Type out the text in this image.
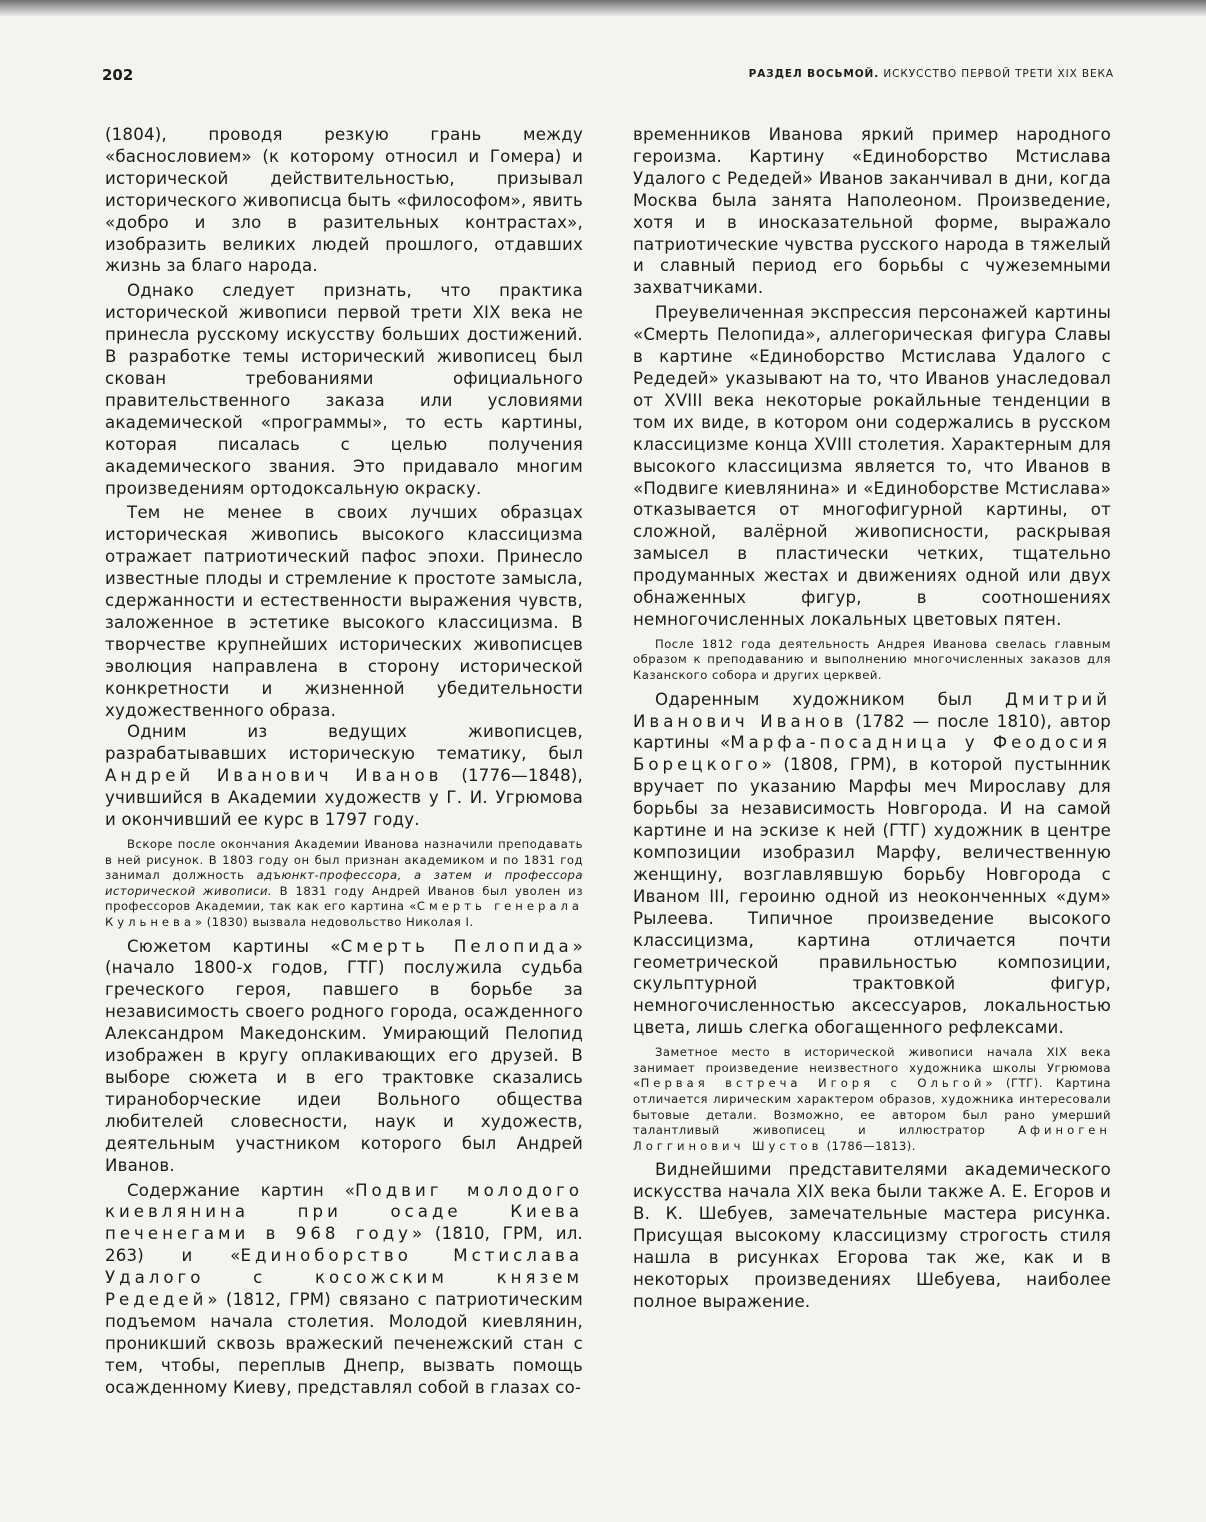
202	РАЗДЕЛ ВОСЬМОЙ. ИСКУССТВО ПЕРВОЙ ТРЕТИ XIX ВЕКА

(1804), проводя резкую грань между «баснословием» (к которому относил и Гомера) и исторической действительностью, призывал исторического живописца быть «философом», явить «добро и зло в разительных контрастах», изобразить великих людей прошлого, отдавших жизнь за благо народа.

Однако следует признать, что практика исторической живописи первой трети XIX века не принесла русскому искусству больших достижений. В разработке темы исторический живописец был скован требованиями официального правительственного заказа или условиями академической «программы», то есть картины, которая писалась с целью получения академического звания. Это придавало многим произведениям ортодоксальную окраску.

Тем не менее в своих лучших образцах историческая живопись высокого классицизма отражает патриотический пафос эпохи. Принесло известные плоды и стремление к простоте замысла, сдержанности и естественности выражения чувств, заложенное в эстетике высокого классицизма. В творчестве крупнейших исторических живописцев эволюция направлена в сторону исторической конкретности и жизненной убедительности художественного образа.

Одним из ведущих живописцев, разрабатывавших историческую тематику, был Андрей Иванович Иванов (1776—1848), учившийся в Академии художеств у Г. И. Угрюмова и окончивший ее курс в 1797 году.

Вскоре после окончания Академии Иванова назначили преподавать в ней рисунок. В 1803 году он был признан академиком и по 1831 год занимал должность адъюнкт-профессора, а затем и профессора исторической живописи. В 1831 году Андрей Иванов был уволен из профессоров Академии, так как его картина «Смерть генерала Кульнева» (1830) вызвала недовольство Николая I.

Сюжетом картины «Смерть Пелопида» (начало 1800-х годов, ГТГ) послужила судьба греческого героя, павшего в борьбе за независимость своего родного города, осажденного Александром Македонским. Умирающий Пелопид изображен в кругу оплакивающих его друзей. В выборе сюжета и в его трактовке сказались тираноборческие идеи Вольного общества любителей словесности, наук и художеств, деятельным участником которого был Андрей Иванов.

Содержание картин «Подвиг молодого киевлянина при осаде Киева печенегами в 968 году» (1810, ГРМ, ил. 263) и «Единоборство Мстислава Удалого с косожским князем Редедей» (1812, ГРМ) связано с патриотическим подъемом начала столетия. Молодой киевлянин, проникший сквозь вражеский печенежский стан с тем, чтобы, переплыв Днепр, вызвать помощь осажденному Киеву, представлял собой в глазах со-

временников Иванова яркий пример народного героизма. Картину «Единоборство Мстислава Удалого с Редедей» Иванов заканчивал в дни, когда Москва была занята Наполеоном. Произведение, хотя и в иносказательной форме, выражало патриотические чувства русского народа в тяжелый и славный период его борьбы с чужеземными захватчиками.

Преувеличенная экспрессия персонажей картины «Смерть Пелопида», аллегорическая фигура Славы в картине «Единоборство Мстислава Удалого с Редедей» указывают на то, что Иванов унаследовал от XVIII века некоторые рокайльные тенденции в том их виде, в котором они содержались в русском классицизме конца XVIII столетия. Характерным для высокого классицизма является то, что Иванов в «Подвиге киевлянина» и «Единоборстве Мстислава» отказывается от многофигурной картины, от сложной, валёрной живописности, раскрывая замысел в пластически четких, тщательно продуманных жестах и движениях одной или двух обнаженных фигур, в соотношениях немногочисленных локальных цветовых пятен.

После 1812 года деятельность Андрея Иванова свелась главным образом к преподаванию и выполнению многочисленных заказов для Казанского собора и других церквей.

Одаренным художником был Дмитрий Иванович Иванов (1782 — после 1810), автор картины «Марфа-посадница у Феодосия Борецкого» (1808, ГРМ), в которой пустынник вручает по указанию Марфы меч Мирославу для борьбы за независимость Новгорода. И на самой картине и на эскизе к ней (ГТГ) художник в центре композиции изобразил Марфу, величественную женщину, возглавлявшую борьбу Новгорода с Иваном III, героиню одной из неоконченных «дум» Рылеева. Типичное произведение высокого классицизма, картина отличается почти геометрической правильностью композиции, скульптурной трактовкой фигур, немногочисленностью аксессуаров, локальностью цвета, лишь слегка обогащенного рефлексами.

Заметное место в исторической живописи начала XIX века занимает произведение неизвестного художника школы Угрюмова «Первая встреча Игоря с Ольгой» (ГТГ). Картина отличается лирическим характером образов, художника интересовали бытовые детали. Возможно, ее автором был рано умерший талантливый живописец и иллюстратор Афиноген Логгинович Шустов (1786—1813).

Виднейшими представителями академического искусства начала XIX века были также А. Е. Егоров и В. К. Шебуев, замечательные мастера рисунка. Присущая высокому классицизму строгость стиля нашла в рисунках Егорова так же, как и в некоторых произведениях Шебуева, наиболее полное выражение.
